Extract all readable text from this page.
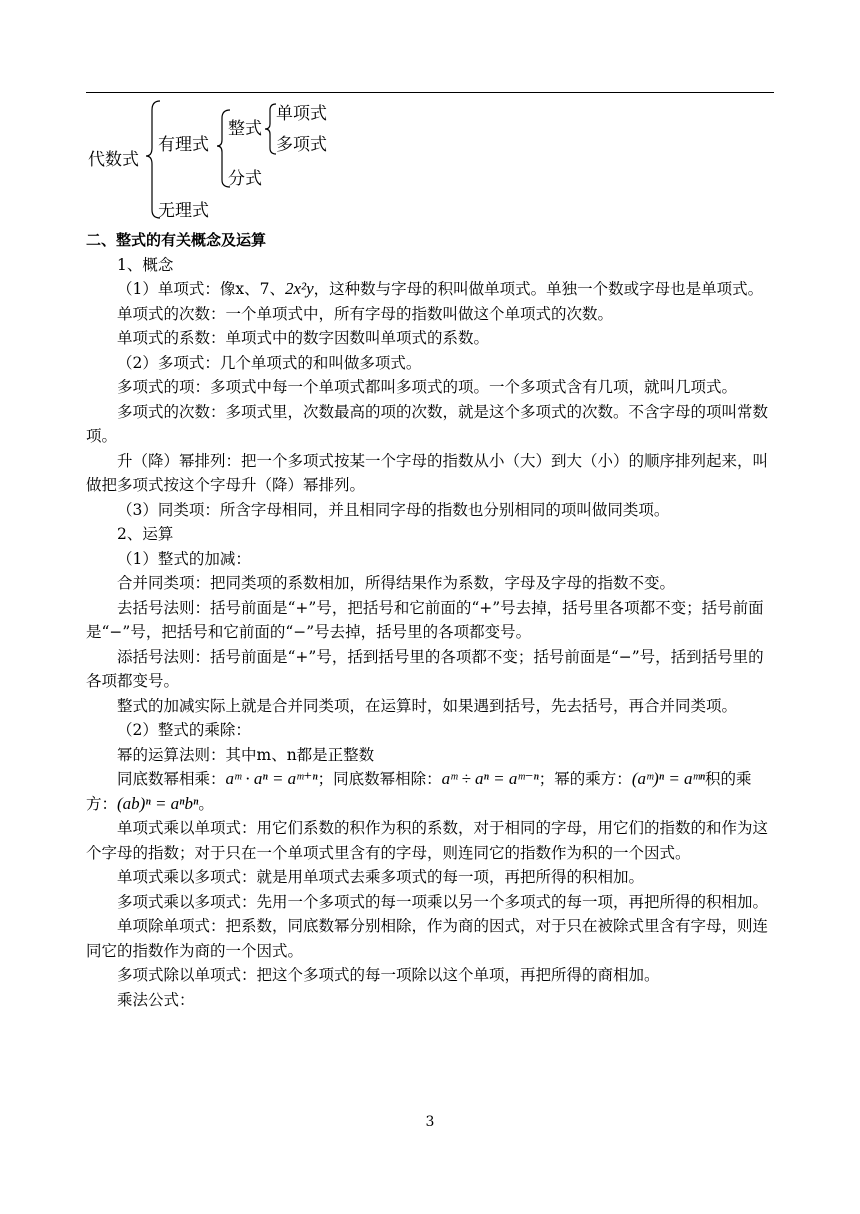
代数式
有理式
整式
单项式
多项式
分式
无理式

二、整式的有关概念及运算

1、概念

（1）单项式：像x、7、2x²y，这种数与字母的积叫做单项式。单独一个数或字母也是单项式。

单项式的次数：一个单项式中，所有字母的指数叫做这个单项式的次数。

单项式的系数：单项式中的数字因数叫单项式的系数。

（2）多项式：几个单项式的和叫做多项式。

多项式的项：多项式中每一个单项式都叫多项式的项。一个多项式含有几项，就叫几项式。

多项式的次数：多项式里，次数最高的项的次数，就是这个多项式的次数。不含字母的项叫常数项。

升（降）幂排列：把一个多项式按某一个字母的指数从小（大）到大（小）的顺序排列起来，叫做把多项式按这个字母升（降）幂排列。

（3）同类项：所含字母相同，并且相同字母的指数也分别相同的项叫做同类项。

2、运算

（1）整式的加减：

合并同类项：把同类项的系数相加，所得结果作为系数，字母及字母的指数不变。

去括号法则：括号前面是“+”号，把括号和它前面的“+”号去掉，括号里各项都不变；括号前面是“−”号，把括号和它前面的“−”号去掉，括号里的各项都变号。

添括号法则：括号前面是“+”号，括到括号里的各项都不变；括号前面是“−”号，括到括号里的各项都变号。

整式的加减实际上就是合并同类项，在运算时，如果遇到括号，先去括号，再合并同类项。

（2）整式的乘除：

幂的运算法则：其中m、n都是正整数

同底数幂相乘：aᵐ · aⁿ = aᵐ⁺ⁿ；同底数幂相除：aᵐ ÷ aⁿ = aᵐ⁻ⁿ；幂的乘方：(aᵐ)ⁿ = aᵐⁿ积的乘方：(ab)ⁿ = aⁿbⁿ。

单项式乘以单项式：用它们系数的积作为积的系数，对于相同的字母，用它们的指数的和作为这个字母的指数；对于只在一个单项式里含有的字母，则连同它的指数作为积的一个因式。

单项式乘以多项式：就是用单项式去乘多项式的每一项，再把所得的积相加。

多项式乘以多项式：先用一个多项式的每一项乘以另一个多项式的每一项，再把所得的积相加。

单项除单项式：把系数，同底数幂分别相除，作为商的因式，对于只在被除式里含有字母，则连同它的指数作为商的一个因式。

多项式除以单项式：把这个多项式的每一项除以这个单项，再把所得的商相加。

乘法公式：

3
